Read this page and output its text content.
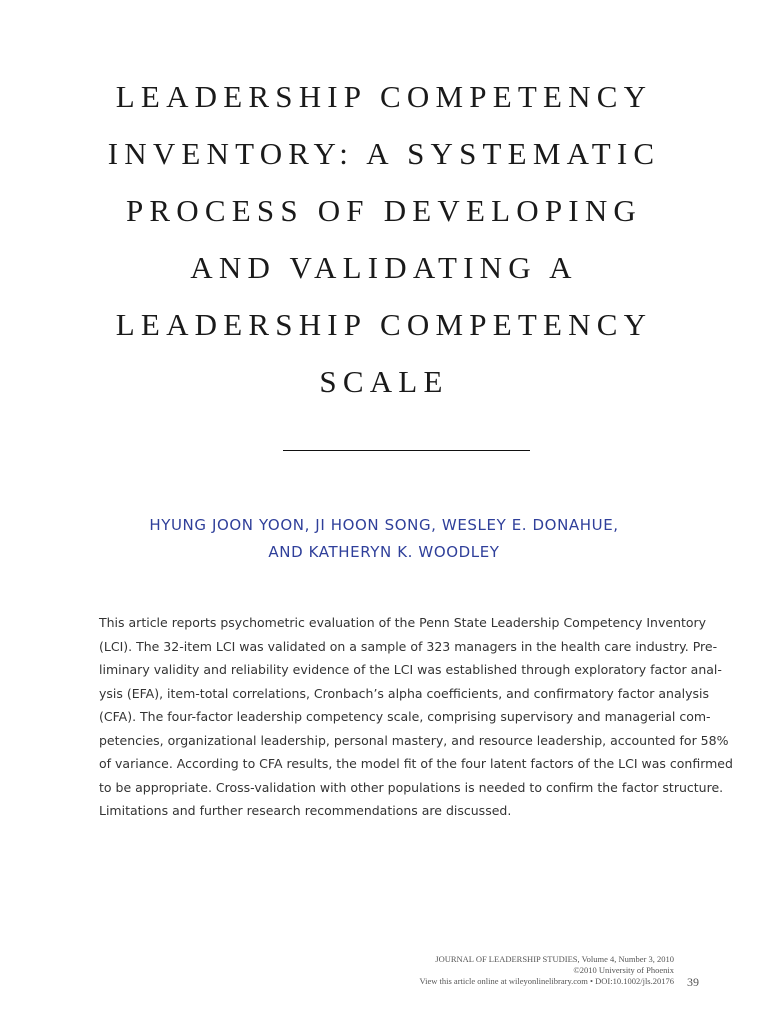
LEADERSHIP COMPETENCY
INVENTORY: A SYSTEMATIC
PROCESS OF DEVELOPING
AND VALIDATING A
LEADERSHIP COMPETENCY
SCALE
HYUNG JOON YOON, JI HOON SONG, WESLEY E. DONAHUE,
AND KATHERYN K. WOODLEY
This article reports psychometric evaluation of the Penn State Leadership Competency Inventory
(LCI). The 32-item LCI was validated on a sample of 323 managers in the health care industry. Pre-
liminary validity and reliability evidence of the LCI was established through exploratory factor anal-
ysis (EFA), item-total correlations, Cronbach’s alpha coefficients, and confirmatory factor analysis
(CFA). The four-factor leadership competency scale, comprising supervisory and managerial com-
petencies, organizational leadership, personal mastery, and resource leadership, accounted for 58%
of variance. According to CFA results, the model fit of the four latent factors of the LCI was confirmed
to be appropriate. Cross-validation with other populations is needed to confirm the factor structure.
Limitations and further research recommendations are discussed.
JOURNAL OF LEADERSHIP STUDIES, Volume 4, Number 3, 2010
©2010 University of Phoenix
View this article online at wileyonlinelibrary.com • DOI:10.1002/jls.20176 39
